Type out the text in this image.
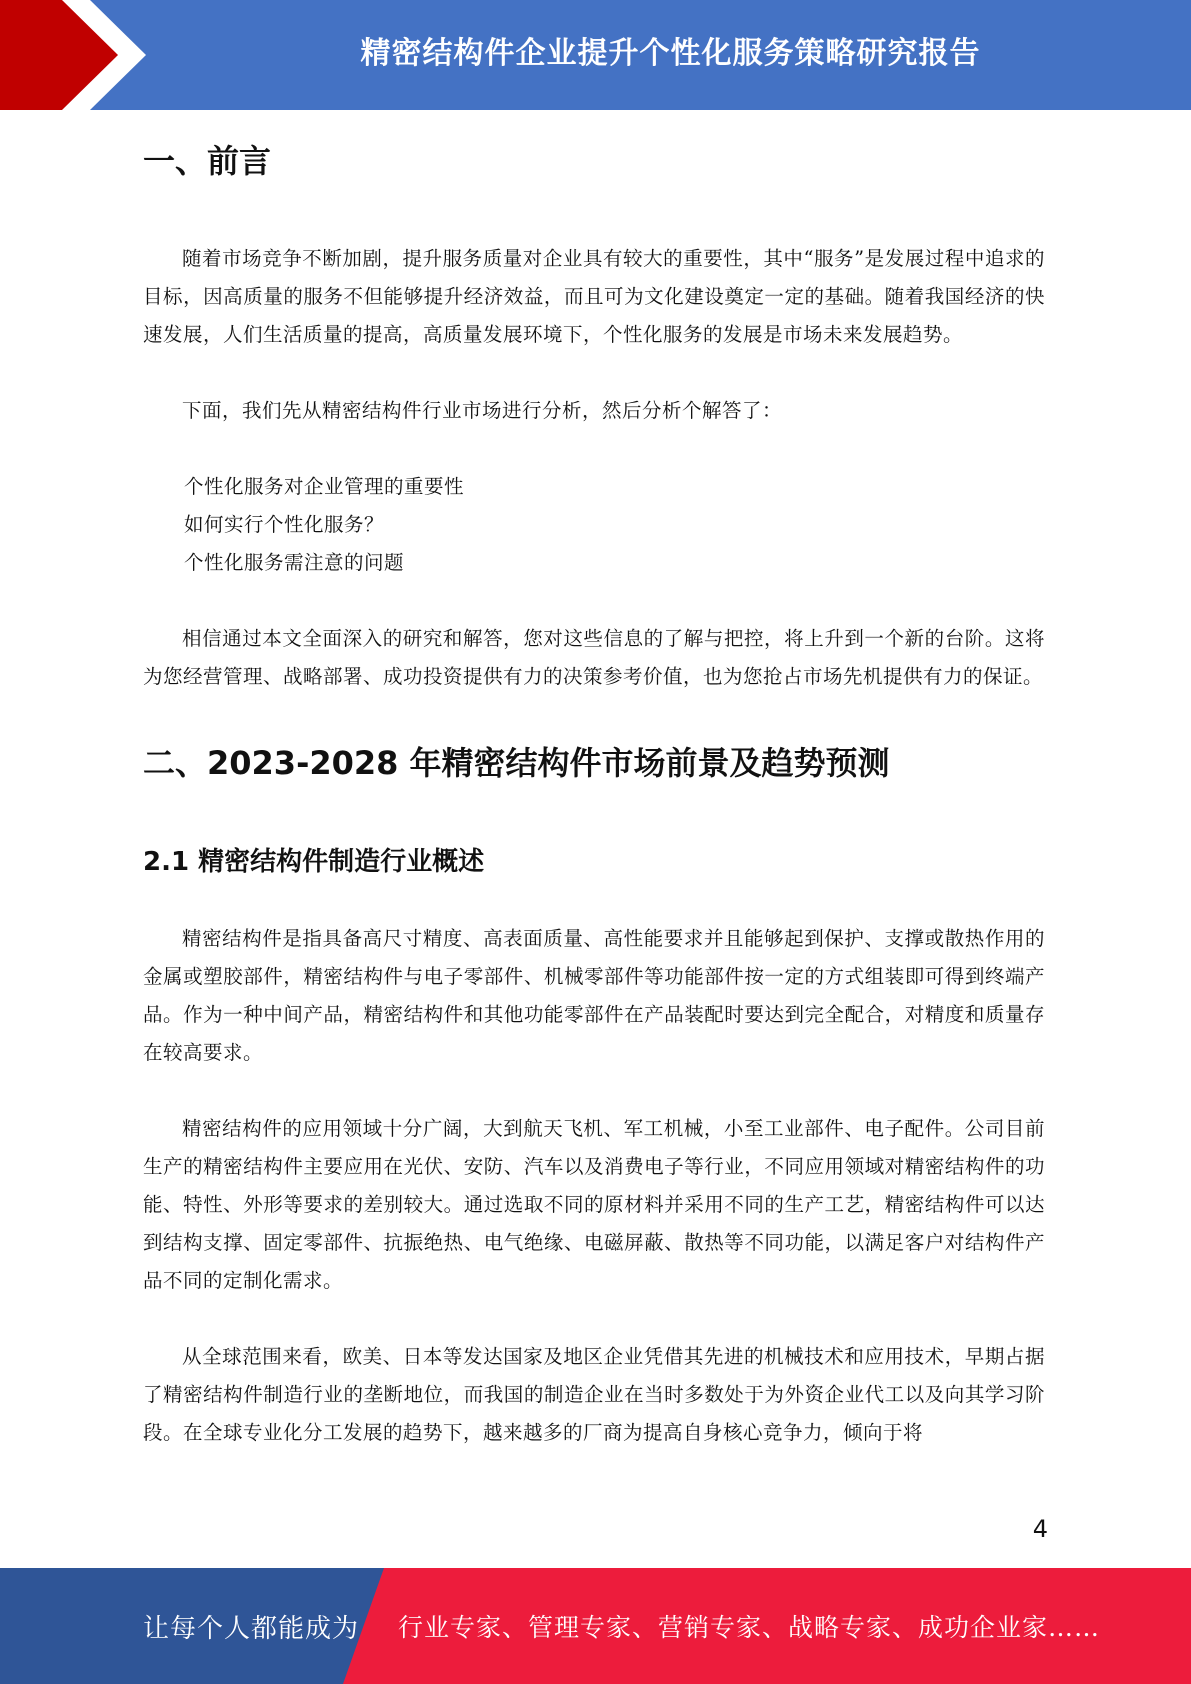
精密结构件企业提升个性化服务策略研究报告
一、前言

随着市场竞争不断加剧，提升服务质量对企业具有较大的重要性，其中“服务”是发展过程中追求的目标，因高质量的服务不但能够提升经济效益，而且可为文化建设奠定一定的基础。随着我国经济的快速发展，人们生活质量的提高，高质量发展环境下，个性化服务的发展是市场未来发展趋势。

下面，我们先从精密结构件行业市场进行分析，然后分析个解答了：

个性化服务对企业管理的重要性
如何实行个性化服务？
个性化服务需注意的问题

相信通过本文全面深入的研究和解答，您对这些信息的了解与把控，将上升到一个新的台阶。这将为您经营管理、战略部署、成功投资提供有力的决策参考价值，也为您抢占市场先机提供有力的保证。

二、2023-2028 年精密结构件市场前景及趋势预测
2.1 精密结构件制造行业概述

精密结构件是指具备高尺寸精度、高表面质量、高性能要求并且能够起到保护、支撑或散热作用的金属或塑胶部件，精密结构件与电子零部件、机械零部件等功能部件按一定的方式组装即可得到终端产品。作为一种中间产品，精密结构件和其他功能零部件在产品装配时要达到完全配合，对精度和质量存在较高要求。

精密结构件的应用领域十分广阔，大到航天飞机、军工机械，小至工业部件、电子配件。公司目前生产的精密结构件主要应用在光伏、安防、汽车以及消费电子等行业，不同应用领域对精密结构件的功能、特性、外形等要求的差别较大。通过选取不同的原材料并采用不同的生产工艺，精密结构件可以达到结构支撑、固定零部件、抗振绝热、电气绝缘、电磁屏蔽、散热等不同功能，以满足客户对结构件产品不同的定制化需求。

从全球范围来看，欧美、日本等发达国家及地区企业凭借其先进的机械技术和应用技术，早期占据了精密结构件制造行业的垄断地位，而我国的制造企业在当时多数处于为外资企业代工以及向其学习阶段。在全球专业化分工发展的趋势下，越来越多的厂商为提高自身核心竞争力，倾向于将

4
让每个人都能成为 行业专家、管理专家、营销专家、战略专家、成功企业家……
